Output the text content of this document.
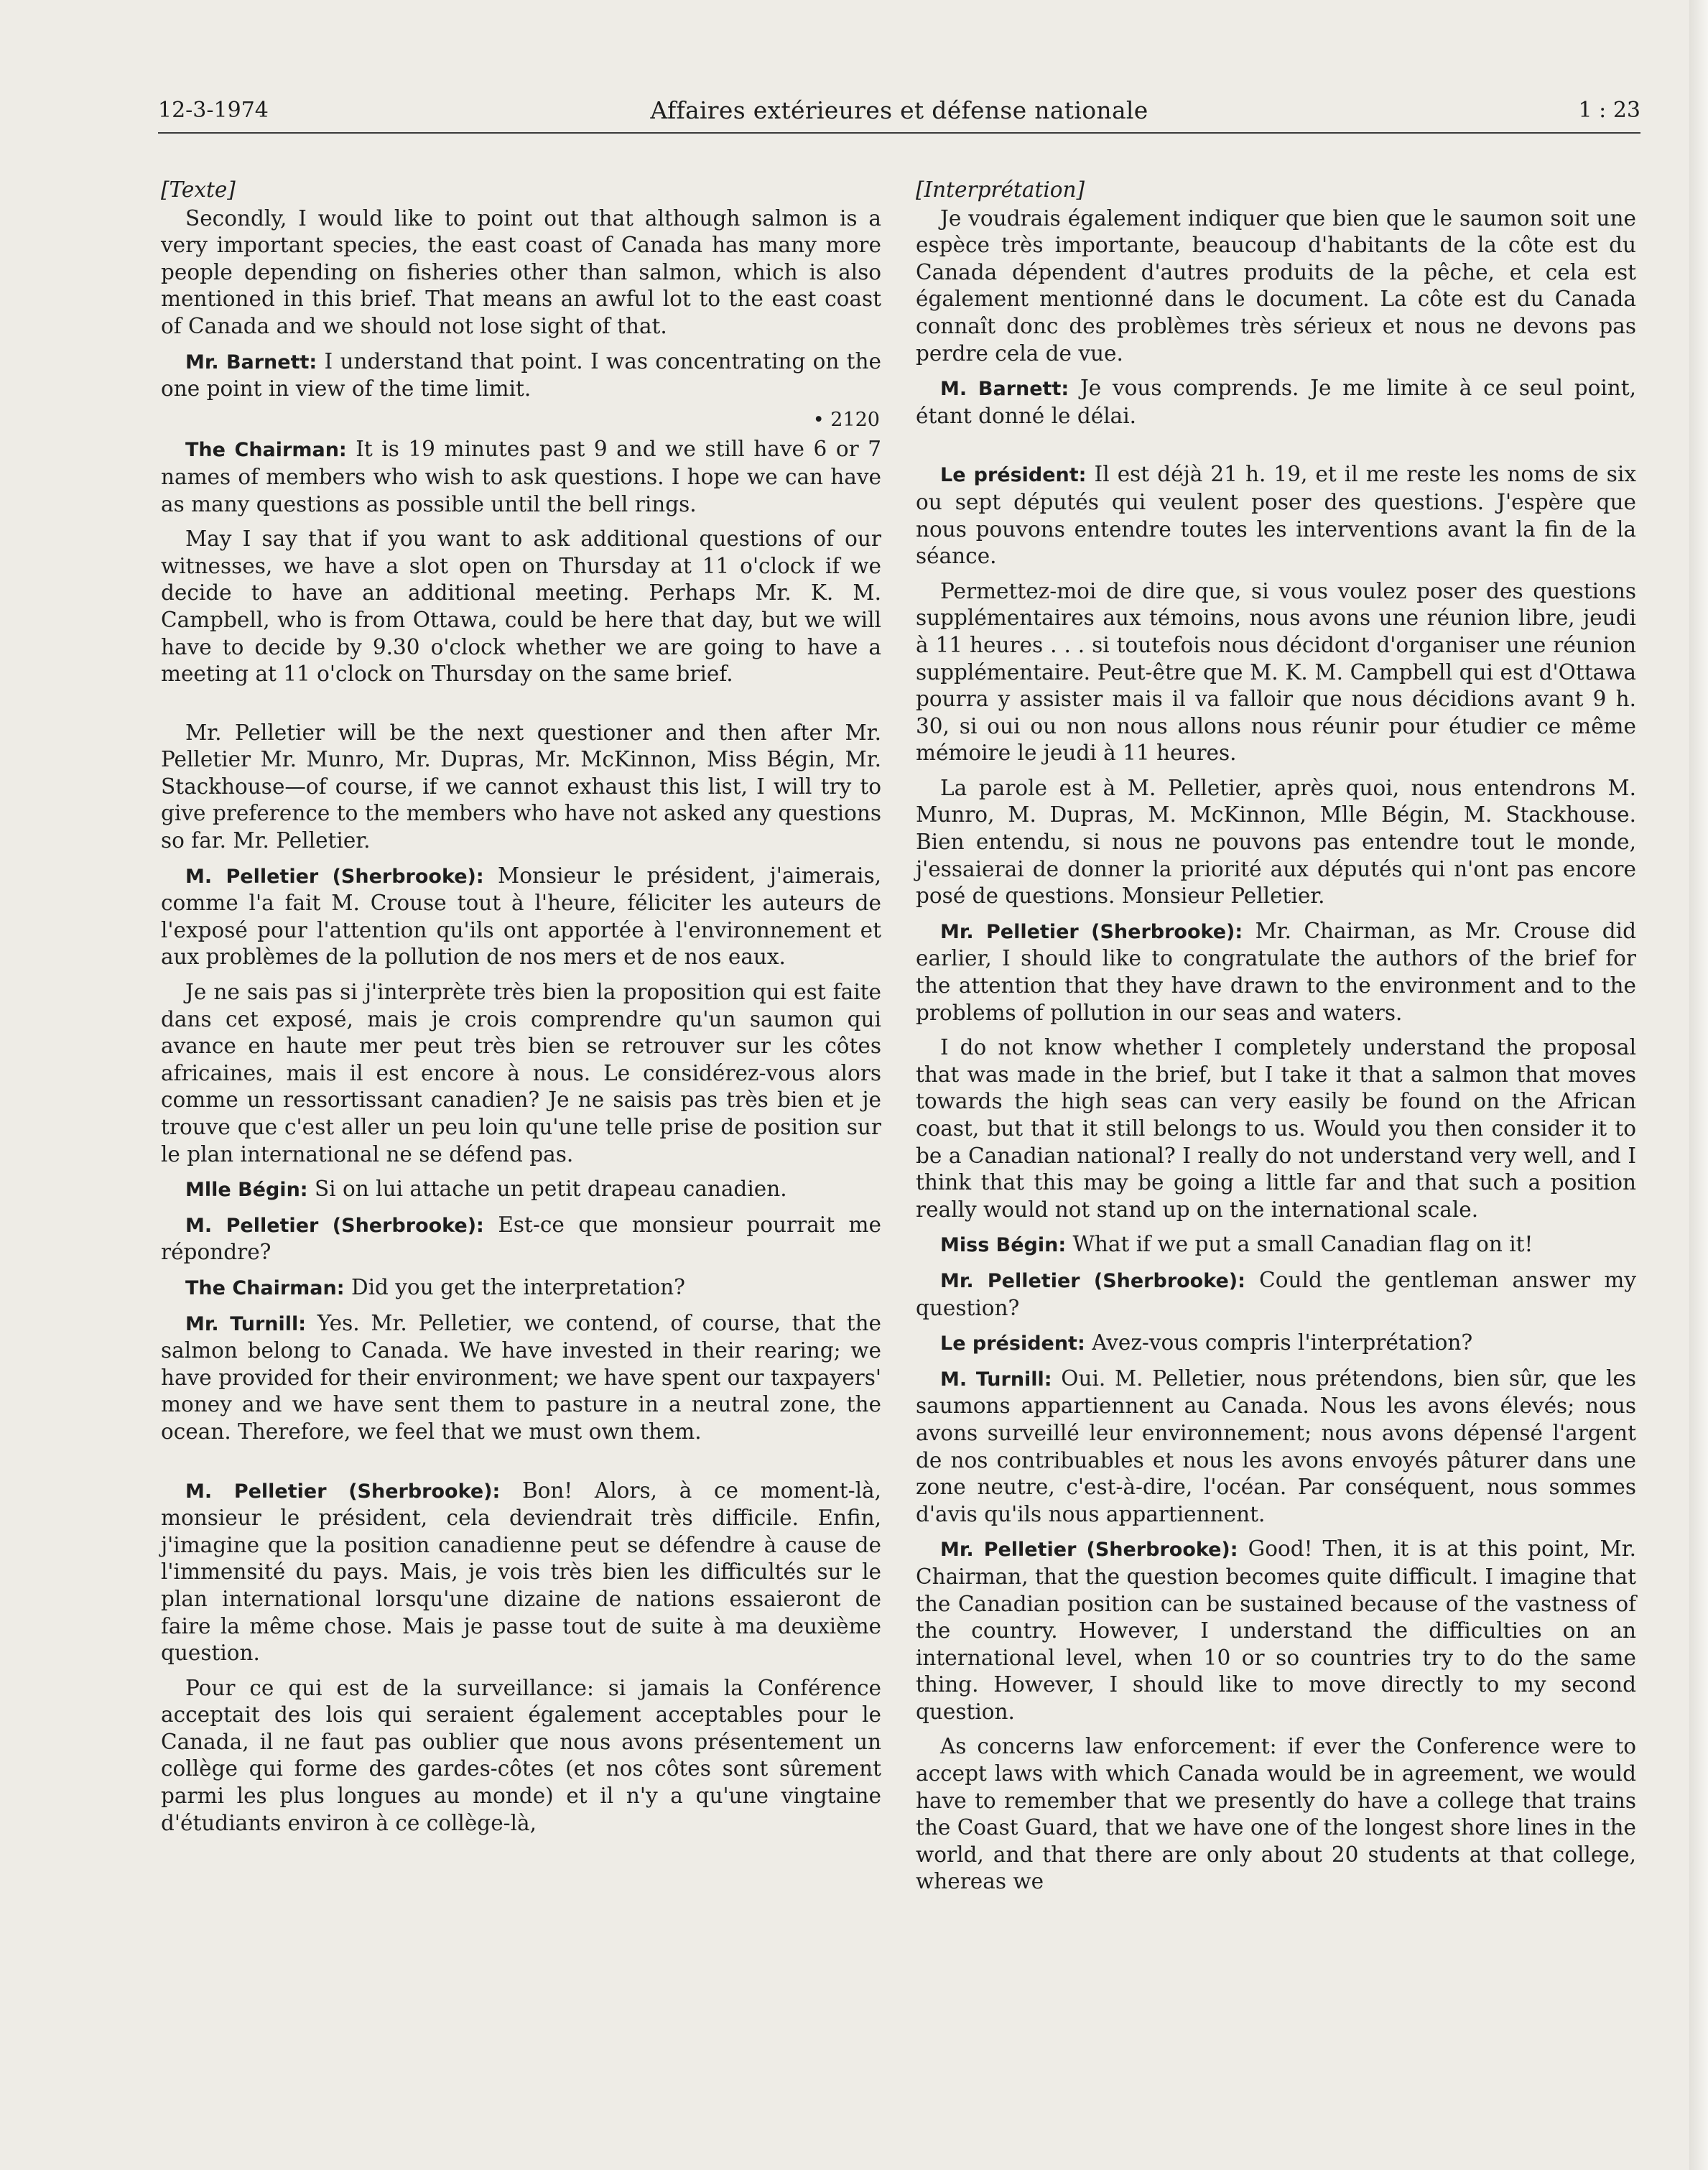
12-3-1974	Affaires extérieures et défense nationale	1 : 23

[Texte]

Secondly, I would like to point out that although salmon is a very important species, the east coast of Canada has many more people depending on fisheries other than salmon, which is also mentioned in this brief. That means an awful lot to the east coast of Canada and we should not lose sight of that.

Mr. Barnett: I understand that point. I was concentrating on the one point in view of the time limit.

• 2120

The Chairman: It is 19 minutes past 9 and we still have 6 or 7 names of members who wish to ask questions. I hope we can have as many questions as possible until the bell rings.

May I say that if you want to ask additional questions of our witnesses, we have a slot open on Thursday at 11 o'clock if we decide to have an additional meeting. Perhaps Mr. K. M. Campbell, who is from Ottawa, could be here that day, but we will have to decide by 9.30 o'clock whether we are going to have a meeting at 11 o'clock on Thursday on the same brief.

Mr. Pelletier will be the next questioner and then after Mr. Pelletier Mr. Munro, Mr. Dupras, Mr. McKinnon, Miss Bégin, Mr. Stackhouse—of course, if we cannot exhaust this list, I will try to give preference to the members who have not asked any questions so far. Mr. Pelletier.

M. Pelletier (Sherbrooke): Monsieur le président, j'aimerais, comme l'a fait M. Crouse tout à l'heure, féliciter les auteurs de l'exposé pour l'attention qu'ils ont apportée à l'environnement et aux problèmes de la pollution de nos mers et de nos eaux.

Je ne sais pas si j'interprète très bien la proposition qui est faite dans cet exposé, mais je crois comprendre qu'un saumon qui avance en haute mer peut très bien se retrouver sur les côtes africaines, mais il est encore à nous. Le considérez-vous alors comme un ressortissant canadien? Je ne saisis pas très bien et je trouve que c'est aller un peu loin qu'une telle prise de position sur le plan international ne se défend pas.

Mlle Bégin: Si on lui attache un petit drapeau canadien.

M. Pelletier (Sherbrooke): Est-ce que monsieur pourrait me répondre?

The Chairman: Did you get the interpretation?

Mr. Turnill: Yes. Mr. Pelletier, we contend, of course, that the salmon belong to Canada. We have invested in their rearing; we have provided for their environment; we have spent our taxpayers' money and we have sent them to pasture in a neutral zone, the ocean. Therefore, we feel that we must own them.

M. Pelletier (Sherbrooke): Bon! Alors, à ce moment-là, monsieur le président, cela deviendrait très difficile. Enfin, j'imagine que la position canadienne peut se défendre à cause de l'immensité du pays. Mais, je vois très bien les difficultés sur le plan international lorsqu'une dizaine de nations essaieront de faire la même chose. Mais je passe tout de suite à ma deuxième question.

Pour ce qui est de la surveillance: si jamais la Conférence acceptait des lois qui seraient également acceptables pour le Canada, il ne faut pas oublier que nous avons présentement un collège qui forme des gardes-côtes (et nos côtes sont sûrement parmi les plus longues au monde) et il n'y a qu'une vingtaine d'étudiants environ à ce collège-là,

[Interprétation]

Je voudrais également indiquer que bien que le saumon soit une espèce très importante, beaucoup d'habitants de la côte est du Canada dépendent d'autres produits de la pêche, et cela est également mentionné dans le document. La côte est du Canada connaît donc des problèmes très sérieux et nous ne devons pas perdre cela de vue.

M. Barnett: Je vous comprends. Je me limite à ce seul point, étant donné le délai.

Le président: Il est déjà 21 h. 19, et il me reste les noms de six ou sept députés qui veulent poser des questions. J'espère que nous pouvons entendre toutes les interventions avant la fin de la séance.

Permettez-moi de dire que, si vous voulez poser des questions supplémentaires aux témoins, nous avons une réunion libre, jeudi à 11 heures . . . si toutefois nous décidont d'organiser une réunion supplémentaire. Peut-être que M. K. M. Campbell qui est d'Ottawa pourra y assister mais il va falloir que nous décidions avant 9 h. 30, si oui ou non nous allons nous réunir pour étudier ce même mémoire le jeudi à 11 heures.

La parole est à M. Pelletier, après quoi, nous entendrons M. Munro, M. Dupras, M. McKinnon, Mlle Bégin, M. Stackhouse. Bien entendu, si nous ne pouvons pas entendre tout le monde, j'essaierai de donner la priorité aux députés qui n'ont pas encore posé de questions. Monsieur Pelletier.

Mr. Pelletier (Sherbrooke): Mr. Chairman, as Mr. Crouse did earlier, I should like to congratulate the authors of the brief for the attention that they have drawn to the environment and to the problems of pollution in our seas and waters.

I do not know whether I completely understand the proposal that was made in the brief, but I take it that a salmon that moves towards the high seas can very easily be found on the African coast, but that it still belongs to us. Would you then consider it to be a Canadian national? I really do not understand very well, and I think that this may be going a little far and that such a position really would not stand up on the international scale.

Miss Bégin: What if we put a small Canadian flag on it!

Mr. Pelletier (Sherbrooke): Could the gentleman answer my question?

Le président: Avez-vous compris l'interprétation?

M. Turnill: Oui. M. Pelletier, nous prétendons, bien sûr, que les saumons appartiennent au Canada. Nous les avons élevés; nous avons surveillé leur environnement; nous avons dépensé l'argent de nos contribuables et nous les avons envoyés pâturer dans une zone neutre, c'est-à-dire, l'océan. Par conséquent, nous sommes d'avis qu'ils nous appartiennent.

Mr. Pelletier (Sherbrooke): Good! Then, it is at this point, Mr. Chairman, that the question becomes quite difficult. I imagine that the Canadian position can be sustained because of the vastness of the country. However, I understand the difficulties on an international level, when 10 or so countries try to do the same thing. However, I should like to move directly to my second question.

As concerns law enforcement: if ever the Conference were to accept laws with which Canada would be in agreement, we would have to remember that we presently do have a college that trains the Coast Guard, that we have one of the longest shore lines in the world, and that there are only about 20 students at that college, whereas we
